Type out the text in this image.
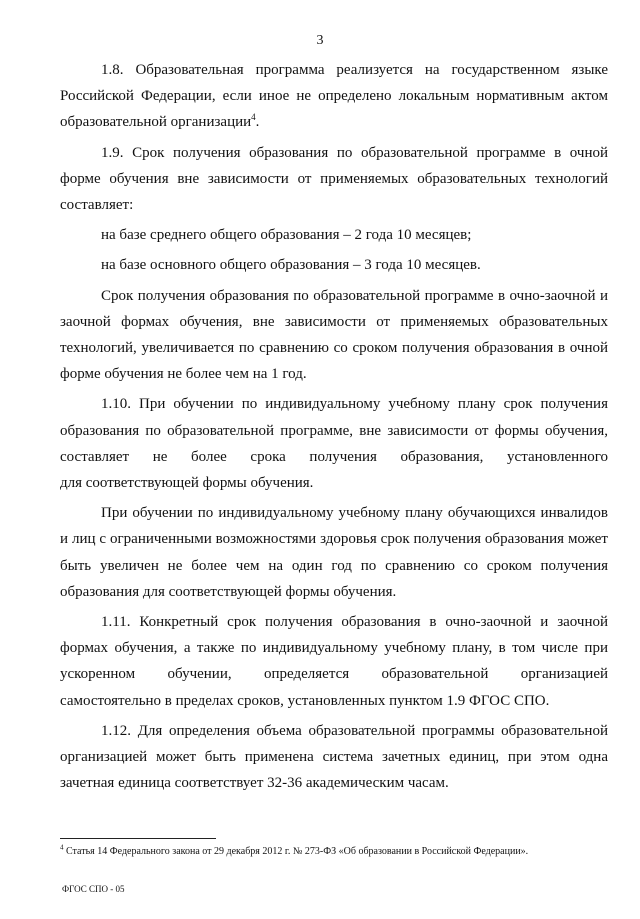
3

1.8. Образовательная программа реализуется на государственном языке Российской Федерации, если иное не определено локальным нормативным актом образовательной организации$^4$.

1.9. Срок получения образования по образовательной программе в очной форме обучения вне зависимости от применяемых образовательных технологий составляет:

на базе среднего общего образования – 2 года 10 месяцев;

на базе основного общего образования – 3 года 10 месяцев.

Срок получения образования по образовательной программе в очно-заочной и заочной формах обучения, вне зависимости от применяемых образовательных технологий, увеличивается по сравнению со сроком получения образования в очной форме обучения не более чем на 1 год.

1.10. При обучении по индивидуальному учебному плану срок получения образования по образовательной программе, вне зависимости от формы обучения, составляет не более срока получения образования, установленного

для соответствующей формы обучения.

При обучении по индивидуальному учебному плану обучающихся инвалидов и лиц с ограниченными возможностями здоровья срок получения образования может быть увеличен не более чем на один год по сравнению со сроком получения образования для соответствующей формы обучения.

1.11. Конкретный срок получения образования в очно-заочной и заочной формах обучения, а также по индивидуальному учебному плану, в том числе при ускоренном обучении, определяется образовательной организацией

самостоятельно в пределах сроков, установленных пунктом 1.9 ФГОС СПО.

1.12. Для определения объема образовательной программы образовательной организацией может быть применена система зачетных единиц, при этом одна зачетная единица соответствует 32-36 академическим часам.

$^4$ Статья 14 Федерального закона от 29 декабря 2012 г. № 273-ФЗ «Об образовании в Российской Федерации».
ФГОС СПО - 05
